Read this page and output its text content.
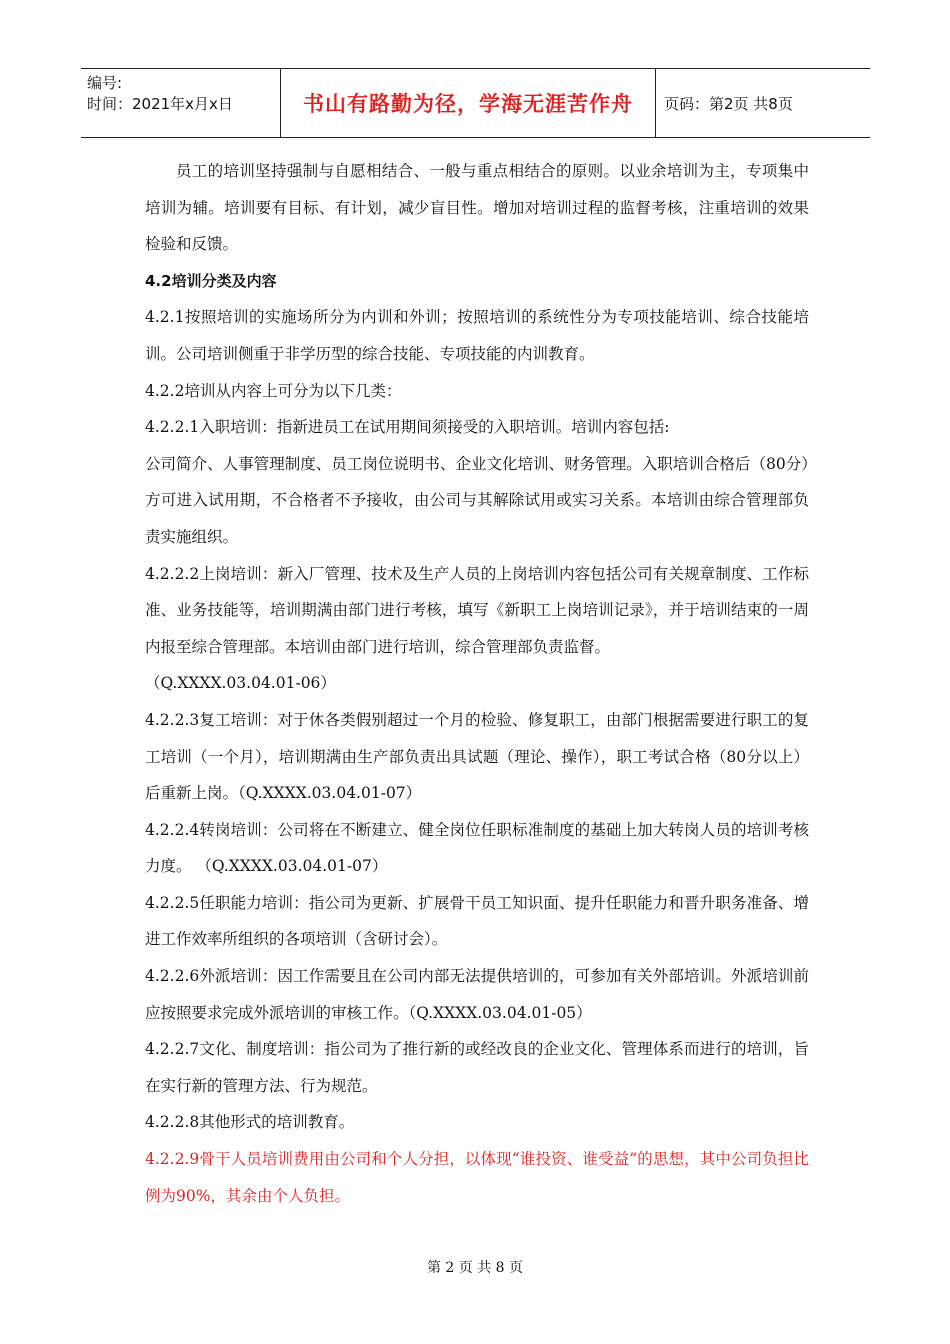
编号:
时间：2021年x月x日	书山有路勤为径，学海无涯苦作舟	页码：第2页 共8页

员工的培训坚持强制与自愿相结合、一般与重点相结合的原则。以业余培训为主，专项集中培训为辅。培训要有目标、有计划，减少盲目性。增加对培训过程的监督考核，注重培训的效果检验和反馈。

4.2培训分类及内容

4.2.1按照培训的实施场所分为内训和外训；按照培训的系统性分为专项技能培训、综合技能培训。公司培训侧重于非学历型的综合技能、专项技能的内训教育。

4.2.2培训从内容上可分为以下几类：

4.2.2.1入职培训：指新进员工在试用期间须接受的入职培训。培训内容包括:

公司简介、人事管理制度、员工岗位说明书、企业文化培训、财务管理。入职培训合格后（80分）方可进入试用期，不合格者不予接收，由公司与其解除试用或实习关系。本培训由综合管理部负责实施组织。

4.2.2.2上岗培训：新入厂管理、技术及生产人员的上岗培训内容包括公司有关规章制度、工作标准、业务技能等，培训期满由部门进行考核，填写《新职工上岗培训记录》，并于培训结束的一周内报至综合管理部。本培训由部门进行培训，综合管理部负责监督。

（Q.XXXX.03.04.01-06）

4.2.2.3复工培训：对于休各类假别超过一个月的检验、修复职工，由部门根据需要进行职工的复工培训（一个月），培训期满由生产部负责出具试题（理论、操作），职工考试合格（80分以上）后重新上岗。（Q.XXXX.03.04.01-07）

4.2.2.4转岗培训：公司将在不断建立、健全岗位任职标准制度的基础上加大转岗人员的培训考核力度。 （Q.XXXX.03.04.01-07）

4.2.2.5任职能力培训：指公司为更新、扩展骨干员工知识面、提升任职能力和晋升职务准备、增进工作效率所组织的各项培训（含研讨会）。

4.2.2.6外派培训：因工作需要且在公司内部无法提供培训的，可参加有关外部培训。外派培训前应按照要求完成外派培训的审核工作。（Q.XXXX.03.04.01-05）

4.2.2.7文化、制度培训：指公司为了推行新的或经改良的企业文化、管理体系而进行的培训，旨在实行新的管理方法、行为规范。

4.2.2.8其他形式的培训教育。

4.2.2.9骨干人员培训费用由公司和个人分担，以体现“谁投资、谁受益”的思想，其中公司负担比例为90%，其余由个人负担。

第 2 页 共 8 页
